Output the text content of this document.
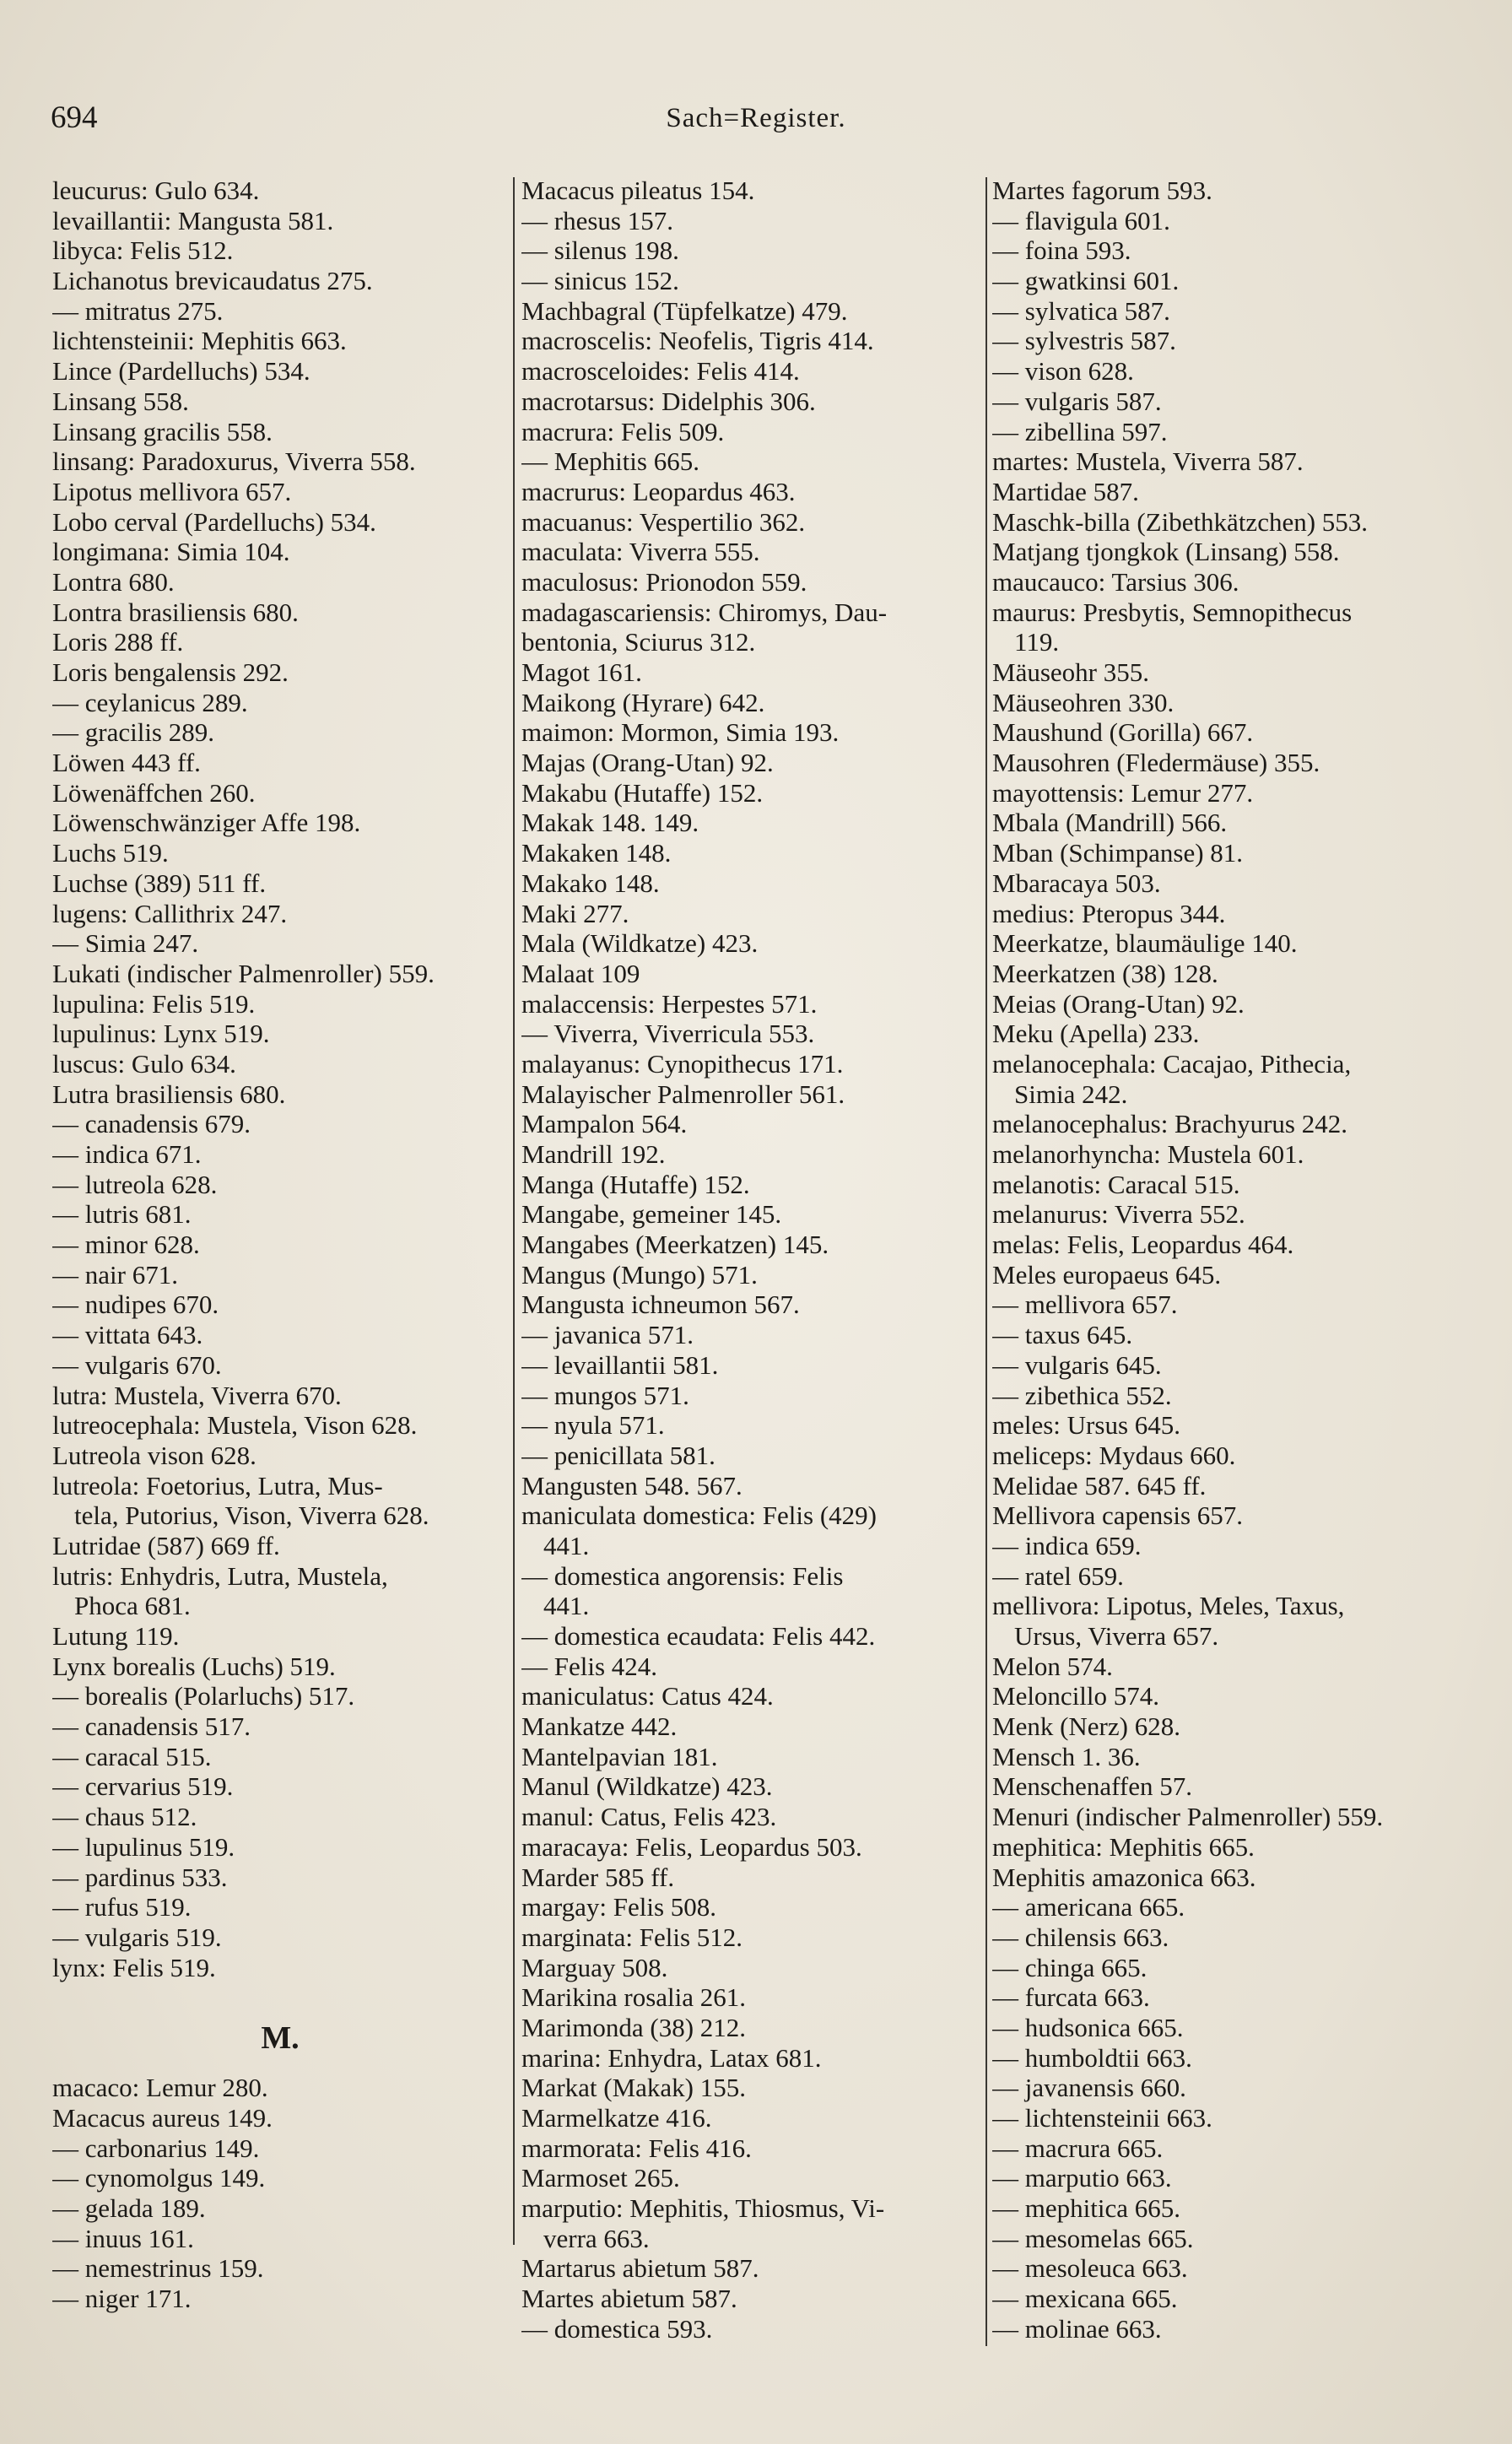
694	Sach=Register.
leucurus: Gulo 634.
levaillantii: Mangusta 581.
libyca: Felis 512.
Lichanotus brevicaudatus 275.
— mitratus 275.
lichtensteinii: Mephitis 663.
Lince (Pardelluchs) 534.
Linsang 558.
Linsang gracilis 558.
linsang: Paradoxurus, Viverra 558.
Lipotus mellivora 657.
Lobo cerval (Pardelluchs) 534.
longimana: Simia 104.
Lontra 680.
Lontra brasiliensis 680.
Loris 288 ff.
Loris bengalensis 292.
— ceylanicus 289.
— gracilis 289.
Löwen 443 ff.
Löwenäffchen 260.
Löwenschwänziger Affe 198.
Luchs 519.
Luchse (389) 511 ff.
lugens: Callithrix 247.
— Simia 247.
Lukati (indischer Palmenroller) 559.
lupulina: Felis 519.
lupulinus: Lynx 519.
luscus: Gulo 634.
Lutra brasiliensis 680.
— canadensis 679.
— indica 671.
— lutreola 628.
— lutris 681.
— minor 628.
— nair 671.
— nudipes 670.
— vittata 643.
— vulgaris 670.
lutra: Mustela, Viverra 670.
lutreocephala: Mustela, Vison 628.
Lutreola vison 628.
lutreola: Foetorius, Lutra, Mus-
tela, Putorius, Vison, Viverra 628.
Lutridae (587) 669 ff.
lutris: Enhydris, Lutra, Mustela,
Phoca 681.
Lutung 119.
Lynx borealis (Luchs) 519.
— borealis (Polarluchs) 517.
— canadensis 517.
— caracal 515.
— cervarius 519.
— chaus 512.
— lupulinus 519.
— pardinus 533.
— rufus 519.
— vulgaris 519.
lynx: Felis 519.
M.
macaco: Lemur 280.
Macacus aureus 149.
— carbonarius 149.
— cynomolgus 149.
— gelada 189.
— inuus 161.
— nemestrinus 159.
— niger 171.
Macacus pileatus 154.
— rhesus 157.
— silenus 198.
— sinicus 152.
Machbagral (Tüpfelkatze) 479.
macroscelis: Neofelis, Tigris 414.
macrosceloides: Felis 414.
macrotarsus: Didelphis 306.
macrura: Felis 509.
— Mephitis 665.
macrurus: Leopardus 463.
macuanus: Vespertilio 362.
maculata: Viverra 555.
maculosus: Prionodon 559.
madagascariensis: Chiromys, Dau-
bentonia, Sciurus 312.
Magot 161.
Maikong (Hyrare) 642.
maimon: Mormon, Simia 193.
Majas (Orang-Utan) 92.
Makabu (Hutaffe) 152.
Makak 148. 149.
Makaken 148.
Makako 148.
Maki 277.
Mala (Wildkatze) 423.
Malaat 109
malaccensis: Herpestes 571.
— Viverra, Viverricula 553.
malayanus: Cynopithecus 171.
Malayischer Palmenroller 561.
Mampalon 564.
Mandrill 192.
Manga (Hutaffe) 152.
Mangabe, gemeiner 145.
Mangabes (Meerkatzen) 145.
Mangus (Mungo) 571.
Mangusta ichneumon 567.
— javanica 571.
— levaillantii 581.
— mungos 571.
— nyula 571.
— penicillata 581.
Mangusten 548. 567.
maniculata domestica: Felis (429)
441.
— domestica angorensis: Felis
441.
— domestica ecaudata: Felis 442.
— Felis 424.
maniculatus: Catus 424.
Mankatze 442.
Mantelpavian 181.
Manul (Wildkatze) 423.
manul: Catus, Felis 423.
maracaya: Felis, Leopardus 503.
Marder 585 ff.
margay: Felis 508.
marginata: Felis 512.
Marguay 508.
Marikina rosalia 261.
Marimonda (38) 212.
marina: Enhydra, Latax 681.
Markat (Makak) 155.
Marmelkatze 416.
marmorata: Felis 416.
Marmoset 265.
marputio: Mephitis, Thiosmus, Vi-
verra 663.
Martarus abietum 587.
Martes abietum 587.
— domestica 593.
Martes fagorum 593.
— flavigula 601.
— foina 593.
— gwatkinsi 601.
— sylvatica 587.
— sylvestris 587.
— vison 628.
— vulgaris 587.
— zibellina 597.
martes: Mustela, Viverra 587.
Martidae 587.
Maschk-billa (Zibethkätzchen) 553.
Matjang tjongkok (Linsang) 558.
maucauco: Tarsius 306.
maurus: Presbytis, Semnopithecus
119.
Mäuseohr 355.
Mäuseohren 330.
Maushund (Gorilla) 667.
Mausohren (Fledermäuse) 355.
mayottensis: Lemur 277.
Mbala (Mandrill) 566.
Mban (Schimpanse) 81.
Mbaracaya 503.
medius: Pteropus 344.
Meerkatze, blaumäulige 140.
Meerkatzen (38) 128.
Meias (Orang-Utan) 92.
Meku (Apella) 233.
melanocephala: Cacajao, Pithecia,
Simia 242.
melanocephalus: Brachyurus 242.
melanorhyncha: Mustela 601.
melanotis: Caracal 515.
melanurus: Viverra 552.
melas: Felis, Leopardus 464.
Meles europaeus 645.
— mellivora 657.
— taxus 645.
— vulgaris 645.
— zibethica 552.
meles: Ursus 645.
meliceps: Mydaus 660.
Melidae 587. 645 ff.
Mellivora capensis 657.
— indica 659.
— ratel 659.
mellivora: Lipotus, Meles, Taxus,
Ursus, Viverra 657.
Melon 574.
Meloncillo 574.
Menk (Nerz) 628.
Mensch 1. 36.
Menschenaffen 57.
Menuri (indischer Palmenroller) 559.
mephitica: Mephitis 665.
Mephitis amazonica 663.
— americana 665.
— chilensis 663.
— chinga 665.
— furcata 663.
— hudsonica 665.
— humboldtii 663.
— javanensis 660.
— lichtensteinii 663.
— macrura 665.
— marputio 663.
— mephitica 665.
— mesomelas 665.
— mesoleuca 663.
— mexicana 665.
— molinae 663.
